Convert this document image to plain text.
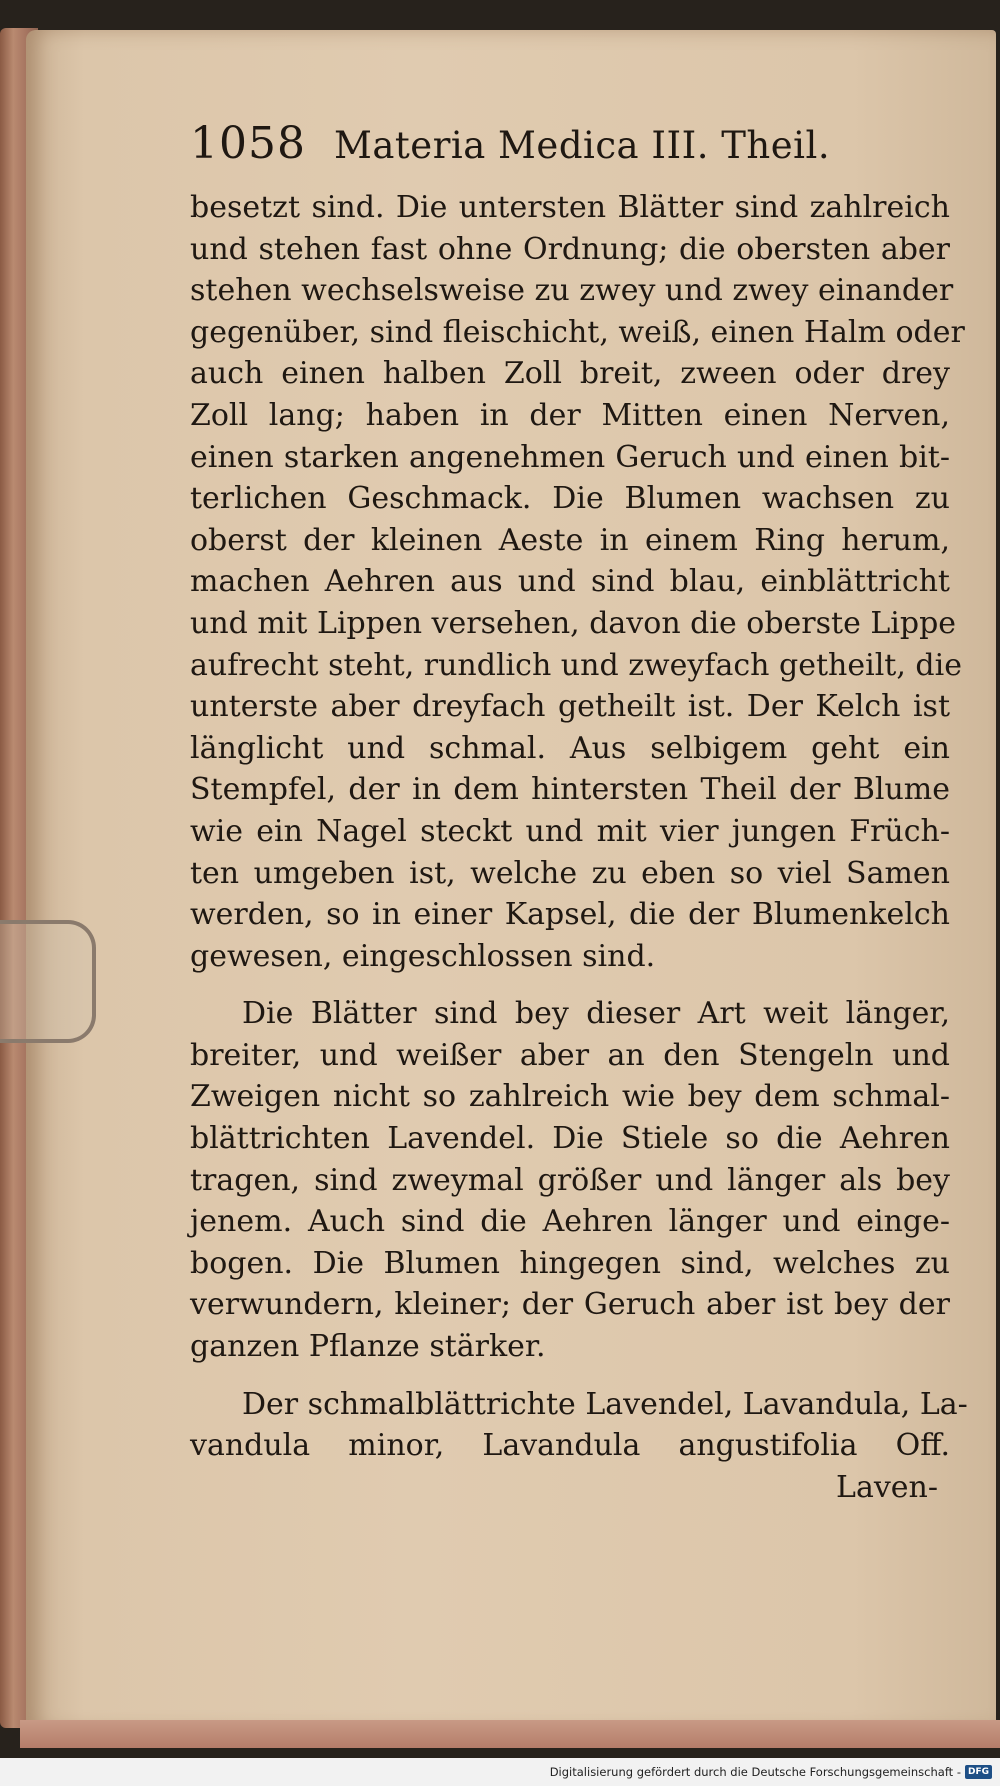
1058 Materia Medica III. Theil.
besetzt sind. Die untersten Blätter sind zahlreich
und stehen fast ohne Ordnung; die obersten aber
stehen wechselsweise zu zwey und zwey einander
gegenüber, sind fleischicht, weiß, einen Halm oder
auch einen halben Zoll breit, zween oder drey
Zoll lang; haben in der Mitten einen Nerven,
einen starken angenehmen Geruch und einen bit-
terlichen Geschmack. Die Blumen wachsen zu
oberst der kleinen Aeste in einem Ring herum,
machen Aehren aus und sind blau, einblättricht
und mit Lippen versehen, davon die oberste Lippe
aufrecht steht, rundlich und zweyfach getheilt, die
unterste aber dreyfach getheilt ist. Der Kelch ist
länglicht und schmal. Aus selbigem geht ein
Stempfel, der in dem hintersten Theil der Blume
wie ein Nagel steckt und mit vier jungen Früch-
ten umgeben ist, welche zu eben so viel Samen
werden, so in einer Kapsel, die der Blumenkelch
gewesen, eingeschlossen sind.
Die Blätter sind bey dieser Art weit länger,
breiter, und weißer aber an den Stengeln und
Zweigen nicht so zahlreich wie bey dem schmal-
blättrichten Lavendel. Die Stiele so die Aehren
tragen, sind zweymal größer und länger als bey
jenem. Auch sind die Aehren länger und einge-
bogen. Die Blumen hingegen sind, welches zu
verwundern, kleiner; der Geruch aber ist bey der
ganzen Pflanze stärker.
Der schmalblättrichte Lavendel, Lavandula, La-
vandula minor, Lavandula angustifolia Off.
Laven-
Digitalisierung gefördert durch die Deutsche Forschungsgemeinschaft - DFG
